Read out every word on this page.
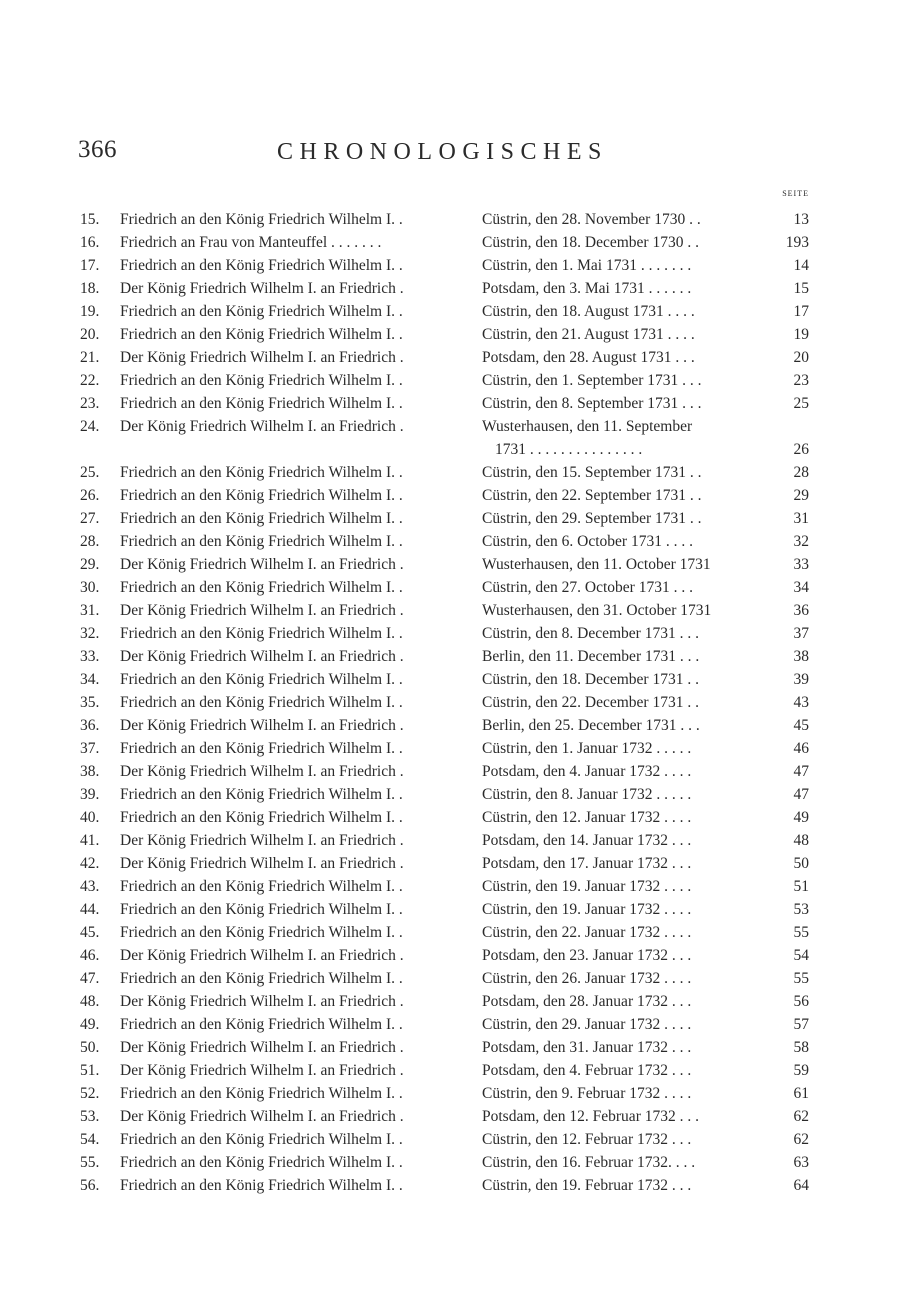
366	CHRONOLOGISCHES
SEITE
15.	Friedrich an den König Friedrich Wilhelm I. .	Cüstrin, den 28. November 1730 . .	13
16.	Friedrich an Frau von Manteuffel . . . . . . .	Cüstrin, den 18. December 1730 . .	193
17.	Friedrich an den König Friedrich Wilhelm I. .	Cüstrin, den 1. Mai 1731 . . . . . . .	14
18.	Der König Friedrich Wilhelm I. an Friedrich .	Potsdam, den 3. Mai 1731 . . . . . .	15
19.	Friedrich an den König Friedrich Wilhelm I. .	Cüstrin, den 18. August 1731 . . . .	17
20.	Friedrich an den König Friedrich Wilhelm I. .	Cüstrin, den 21. August 1731 . . . .	19
21.	Der König Friedrich Wilhelm I. an Friedrich .	Potsdam, den 28. August 1731 . . .	20
22.	Friedrich an den König Friedrich Wilhelm I. .	Cüstrin, den 1. September 1731 . . .	23
23.	Friedrich an den König Friedrich Wilhelm I. .	Cüstrin, den 8. September 1731 . . .	25
24.	Der König Friedrich Wilhelm I. an Friedrich .	Wusterhausen, den 11. September
1731 . . . . . . . . . . . . . . .	26
25.	Friedrich an den König Friedrich Wilhelm I. .	Cüstrin, den 15. September 1731 . .	28
26.	Friedrich an den König Friedrich Wilhelm I. .	Cüstrin, den 22. September 1731 . .	29
27.	Friedrich an den König Friedrich Wilhelm I. .	Cüstrin, den 29. September 1731 . .	31
28.	Friedrich an den König Friedrich Wilhelm I. .	Cüstrin, den 6. October 1731 . . . .	32
29.	Der König Friedrich Wilhelm I. an Friedrich .	Wusterhausen, den 11. October 1731	33
30.	Friedrich an den König Friedrich Wilhelm I. .	Cüstrin, den 27. October 1731 . . .	34
31.	Der König Friedrich Wilhelm I. an Friedrich .	Wusterhausen, den 31. October 1731	36
32.	Friedrich an den König Friedrich Wilhelm I. .	Cüstrin, den 8. December 1731 . . .	37
33.	Der König Friedrich Wilhelm I. an Friedrich .	Berlin, den 11. December 1731 . . .	38
34.	Friedrich an den König Friedrich Wilhelm I. .	Cüstrin, den 18. December 1731 . .	39
35.	Friedrich an den König Friedrich Wilhelm I. .	Cüstrin, den 22. December 1731 . .	43
36.	Der König Friedrich Wilhelm I. an Friedrich .	Berlin, den 25. December 1731 . . .	45
37.	Friedrich an den König Friedrich Wilhelm I. .	Cüstrin, den 1. Januar 1732 . . . . .	46
38.	Der König Friedrich Wilhelm I. an Friedrich .	Potsdam, den 4. Januar 1732 . . . .	47
39.	Friedrich an den König Friedrich Wilhelm I. .	Cüstrin, den 8. Januar 1732 . . . . .	47
40.	Friedrich an den König Friedrich Wilhelm I. .	Cüstrin, den 12. Januar 1732 . . . .	49
41.	Der König Friedrich Wilhelm I. an Friedrich .	Potsdam, den 14. Januar 1732 . . .	48
42.	Der König Friedrich Wilhelm I. an Friedrich .	Potsdam, den 17. Januar 1732 . . .	50
43.	Friedrich an den König Friedrich Wilhelm I. .	Cüstrin, den 19. Januar 1732 . . . .	51
44.	Friedrich an den König Friedrich Wilhelm I. .	Cüstrin, den 19. Januar 1732 . . . .	53
45.	Friedrich an den König Friedrich Wilhelm I. .	Cüstrin, den 22. Januar 1732 . . . .	55
46.	Der König Friedrich Wilhelm I. an Friedrich .	Potsdam, den 23. Januar 1732 . . .	54
47.	Friedrich an den König Friedrich Wilhelm I. .	Cüstrin, den 26. Januar 1732 . . . .	55
48.	Der König Friedrich Wilhelm I. an Friedrich .	Potsdam, den 28. Januar 1732 . . .	56
49.	Friedrich an den König Friedrich Wilhelm I. .	Cüstrin, den 29. Januar 1732 . . . .	57
50.	Der König Friedrich Wilhelm I. an Friedrich .	Potsdam, den 31. Januar 1732 . . .	58
51.	Der König Friedrich Wilhelm I. an Friedrich .	Potsdam, den 4. Februar 1732 . . .	59
52.	Friedrich an den König Friedrich Wilhelm I. .	Cüstrin, den 9. Februar 1732 . . . .	61
53.	Der König Friedrich Wilhelm I. an Friedrich .	Potsdam, den 12. Februar 1732 . . .	62
54.	Friedrich an den König Friedrich Wilhelm I. .	Cüstrin, den 12. Februar 1732 . . .	62
55.	Friedrich an den König Friedrich Wilhelm I. .	Cüstrin, den 16. Februar 1732. . . .	63
56.	Friedrich an den König Friedrich Wilhelm I. .	Cüstrin, den 19. Februar 1732 . . .	64
